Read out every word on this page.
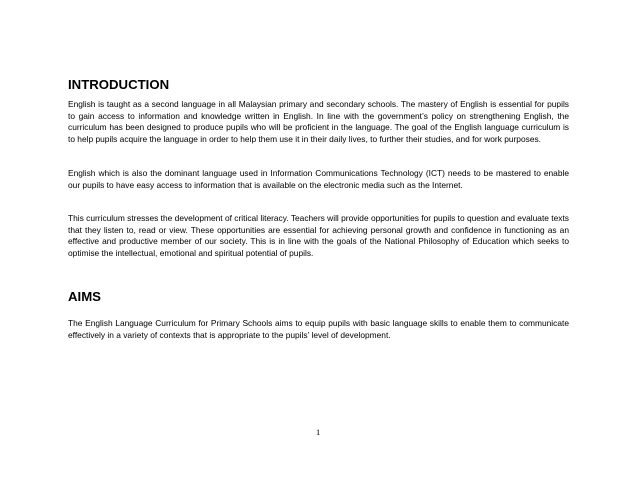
INTRODUCTION

English is taught as a second language in all Malaysian primary and secondary schools. The mastery of English is essential for pupils to gain access to information and knowledge written in English. In line with the government’s policy on strengthening English, the curriculum has been designed to produce pupils who will be proficient in the language. The goal of the English language curriculum is to help pupils acquire the language in order to help them use it in their daily lives, to further their studies, and for work purposes.

English which is also the dominant language used in Information Communications Technology (ICT) needs to be mastered to enable our pupils to have easy access to information that is available on the electronic media such as the Internet.

This curriculum stresses the development of critical literacy. Teachers will provide opportunities for pupils to question and evaluate texts that they listen to, read or view. These opportunities are essential for achieving personal growth and confidence in functioning as an effective and productive member of our society. This is in line with the goals of the National Philosophy of Education which seeks to optimise the intellectual, emotional and spiritual potential of pupils.

AIMS

The English Language Curriculum for Primary Schools aims to equip pupils with basic language skills to enable them to communicate effectively in a variety of contexts that is appropriate to the pupils’ level of development.

1
